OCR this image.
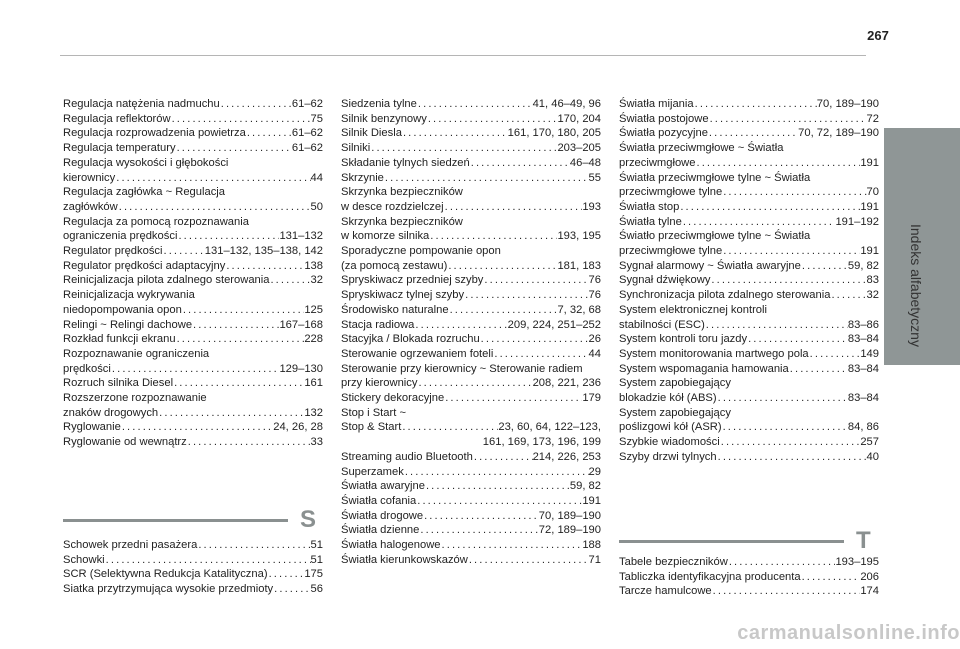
267
Indeks alfabetyczny
Regulacja natężenia nadmuchu . . .	61–62
Regulacja reflektorów . . .	75
Regulacja rozprowadzenia powietrza . . .	61–62
Regulacja temperatury . . .	61–62
Regulacja wysokości i głębokości
kierownicy . . .	44
Regulacja zagłówka ~ Regulacja
zagłówków . . .	50
Regulacja za pomocą rozpoznawania
ograniczenia prędkości . . .	131–132
Regulator prędkości . . .	131–132, 135–138, 142
Regulator prędkości adaptacyjny . . .	138
Reinicjalizacja pilota zdalnego sterowania . . .	32
Reinicjalizacja wykrywania
niedopompowania opon . . .	125
Relingi ~ Relingi dachowe . . .	167–168
Rozkład funkcji ekranu . . .	228
Rozpoznawanie ograniczenia
prędkości . . .	129–130
Rozruch silnika Diesel . . .	161
Rozszerzone rozpoznawanie
znaków drogowych . . .	132
Ryglowanie . . .	24, 26, 28
Ryglowanie od wewnątrz . . .	33
S
Schowek przedni pasażera . . .	51
Schowki . . .	51
SCR (Selektywna Redukcja Katalityczna) . . .	175
Siatka przytrzymująca wysokie przedmioty . . .	56
Siedzenia tylne . . .	41, 46–49, 96
Silnik benzynowy . . .	170, 204
Silnik Diesla . . .	161, 170, 180, 205
Silniki . . .	203–205
Składanie tylnych siedzeń . . .	46–48
Skrzynie . . .	55
Skrzynka bezpieczników
w desce rozdzielczej . . .	193
Skrzynka bezpieczników
w komorze silnika . . .	193, 195
Sporadyczne pompowanie opon
(za pomocą zestawu) . . .	181, 183
Spryskiwacz przedniej szyby . . .	76
Spryskiwacz tylnej szyby . . .	76
Środowisko naturalne . . .	7, 32, 68
Stacja radiowa . . .	209, 224, 251–252
Stacyjka / Blokada rozruchu . . .	26
Sterowanie ogrzewaniem foteli . . .	44
Sterowanie przy kierownicy ~ Sterowanie radiem
przy kierownicy . . .	208, 221, 236
Stickery dekoracyjne . . .	179
Stop i Start ~
Stop & Start . . .	23, 60, 64, 122–123,
161, 169, 173, 196, 199
Streaming audio Bluetooth . . .	214, 226, 253
Superzamek . . .	29
Światła awaryjne . . .	59, 82
Światła cofania . . .	191
Światła drogowe . . .	70, 189–190
Światła dzienne . . .	72, 189–190
Światła halogenowe . . .	188
Światła kierunkowskazów . . .	71
Światła mijania . . .	70, 189–190
Światła postojowe . . .	72
Światła pozycyjne . . .	70, 72, 189–190
Światła przeciwmgłowe ~ Światła
przeciwmgłowe . . .	191
Światła przeciwmgłowe tylne ~ Światła
przeciwmgłowe tylne . . .	70
Światła stop . . .	191
Światła tylne . . .	191–192
Światło przeciwmgłowe tylne ~ Światła
przeciwmgłowe tylne . . .	191
Sygnał alarmowy ~ Światła awaryjne . . .	59, 82
Sygnał dźwiękowy . . .	83
Synchronizacja pilota zdalnego sterowania . . .	32
System elektronicznej kontroli
stabilności (ESC) . . .	83–86
System kontroli toru jazdy . . .	83–84
System monitorowania martwego pola . . .	149
System wspomagania hamowania . . .	83–84
System zapobiegający
blokadzie kół (ABS) . . .	83–84
System zapobiegający
poślizgowi kół (ASR) . . .	84, 86
Szybkie wiadomości . . .	257
Szyby drzwi tylnych . . .	40
T
Tabele bezpieczników . . .	193–195
Tabliczka identyfikacyjna producenta . . .	206
Tarcze hamulcowe . . .	174
carmanualsonline.info
